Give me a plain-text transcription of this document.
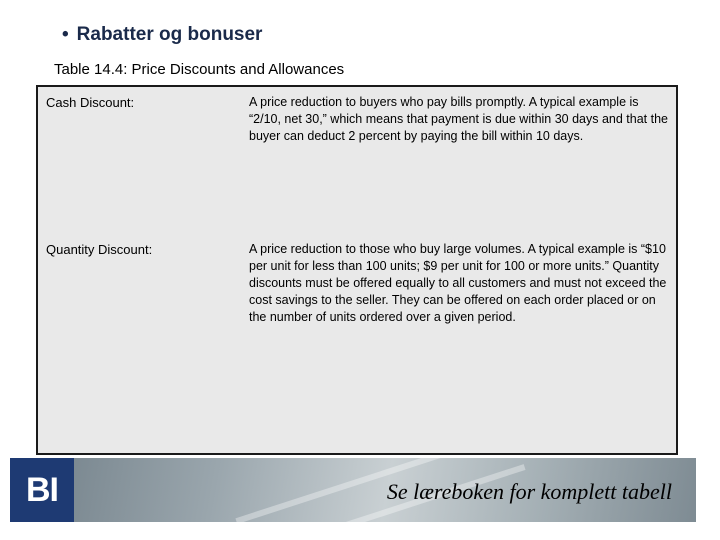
• Rabatter og bonuser
Table 14.4: Price Discounts and Allowances
Cash Discount:	A price reduction to buyers who pay bills promptly. A typical example is “2/10, net 30,” which means that payment is due within 30 days and that the buyer can deduct 2 percent by paying the bill within 10 days.
Quantity Discount:	A price reduction to those who buy large volumes. A typical example is “$10 per unit for less than 100 units; $9 per unit for 100 or more units.” Quantity discounts must be offered equally to all customers and must not exceed the cost savings to the seller. They can be offered on each order placed or on the number of units ordered over a given period.
BI	Se læreboken for komplett tabell
